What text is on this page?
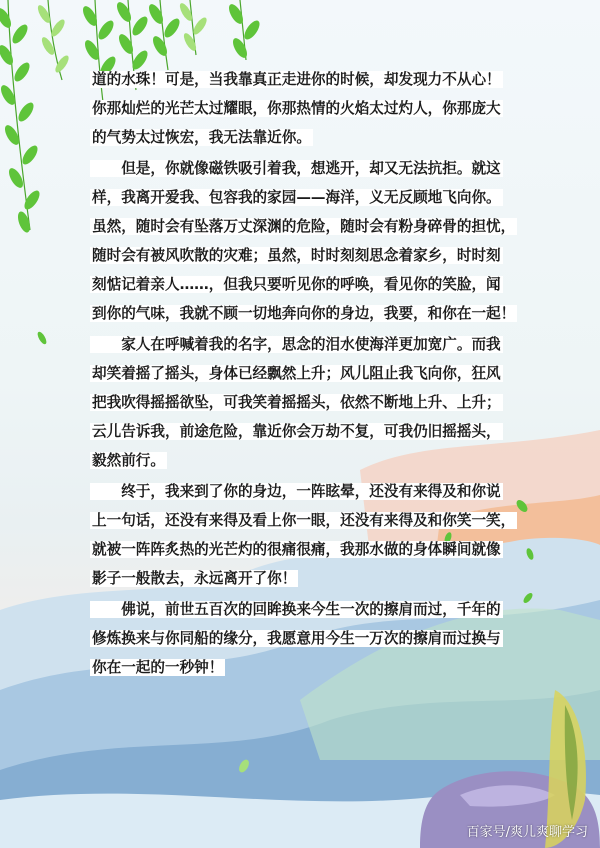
道的水珠！可是，当我靠真正走进你的时候，却发现力不从心！
你那灿烂的光芒太过耀眼，你那热情的火焰太过灼人，你那庞大
的气势太过恢宏，我无法靠近你。
　　但是，你就像磁铁吸引着我，想逃开，却又无法抗拒。就这
样，我离开爱我、包容我的家园——海洋，义无反顾地飞向你。
虽然，随时会有坠落万丈深渊的危险，随时会有粉身碎骨的担忧，
随时会有被风吹散的灾难；虽然，时时刻刻思念着家乡，时时刻
刻惦记着亲人……，但我只要听见你的呼唤，看见你的笑脸，闻
到你的气味，我就不顾一切地奔向你的身边，我要，和你在一起！
　　家人在呼喊着我的名字，思念的泪水使海洋更加宽广。而我
却笑着摇了摇头，身体已经飘然上升；风儿阻止我飞向你，狂风
把我吹得摇摇欲坠，可我笑着摇摇头，依然不断地上升、上升；
云儿告诉我，前途危险，靠近你会万劫不复，可我仍旧摇摇头，
毅然前行。
　　终于，我来到了你的身边，一阵眩晕，还没有来得及和你说
上一句话，还没有来得及看上你一眼，还没有来得及和你笑一笑，
就被一阵阵炙热的光芒灼的很痛很痛，我那水做的身体瞬间就像
影子一般散去，永远离开了你！
　　佛说，前世五百次的回眸换来今生一次的擦肩而过，千年的
修炼换来与你同船的缘分，我愿意用今生一万次的擦肩而过换与
你在一起的一秒钟！
百家号/爽儿爽聊学习
